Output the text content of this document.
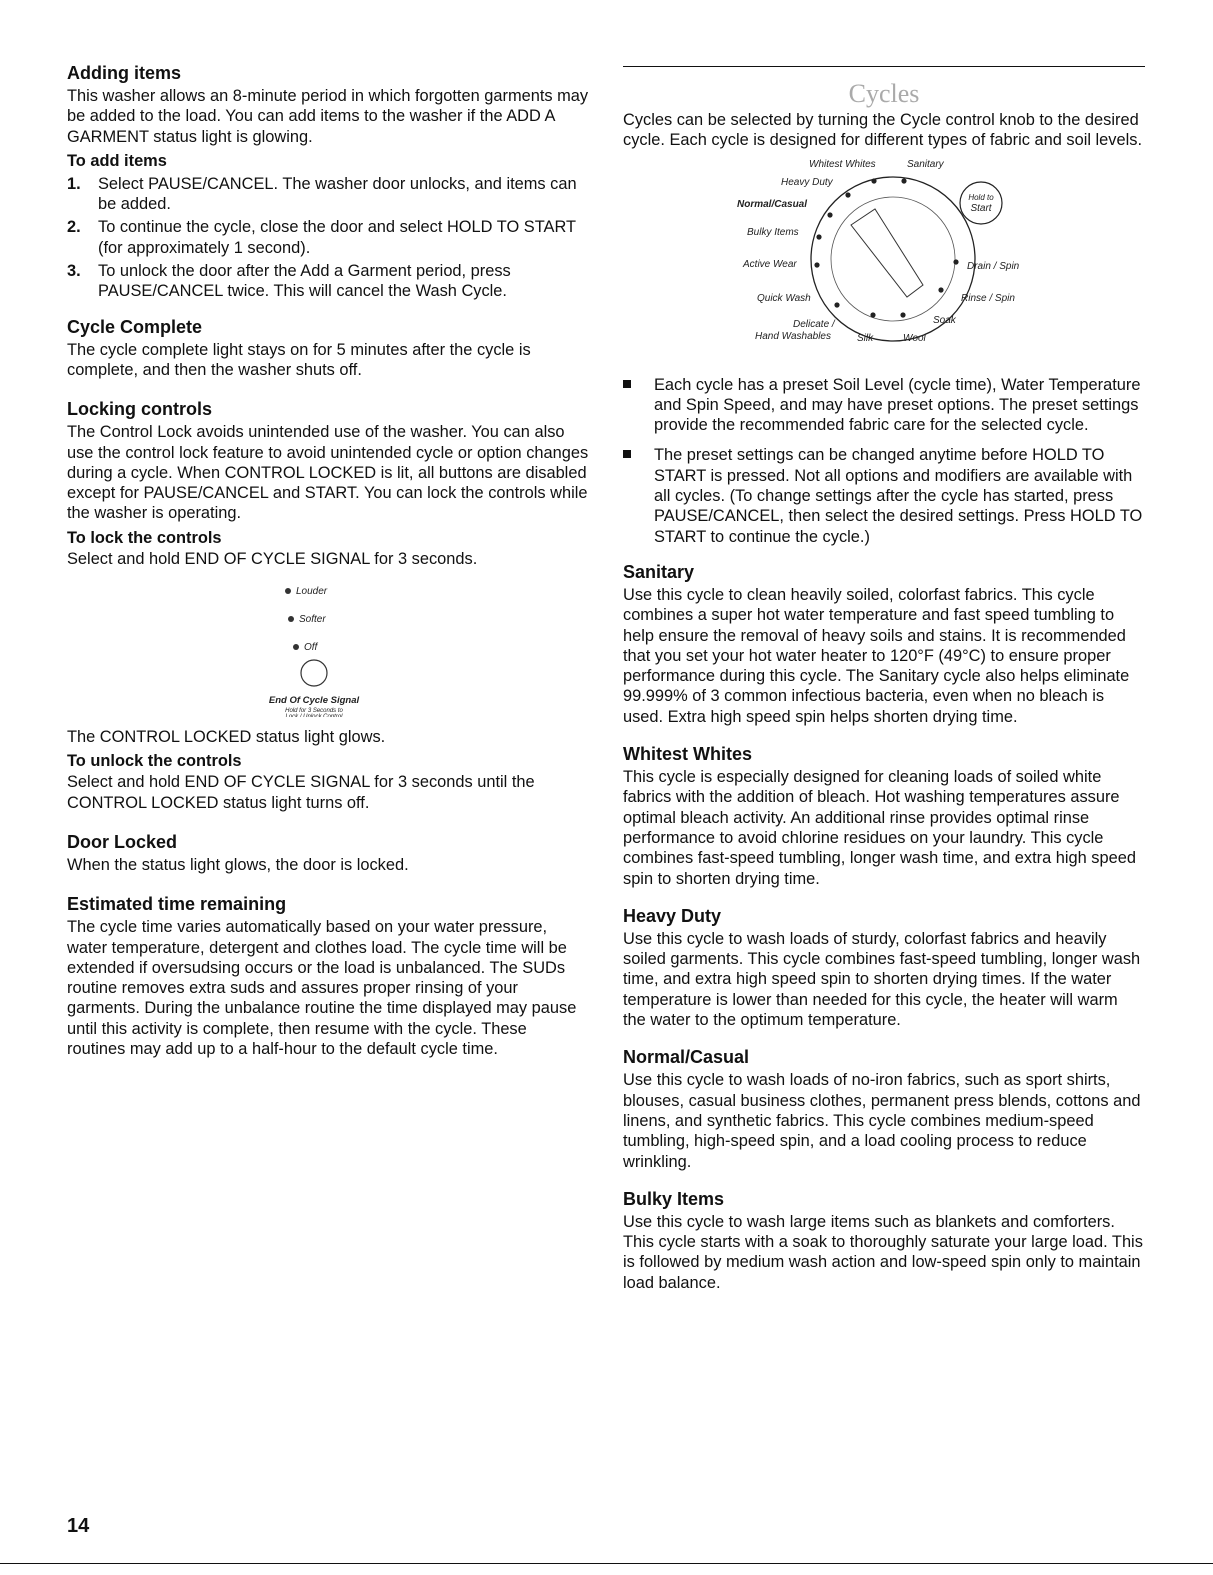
Adding items

This washer allows an 8-minute period in which forgotten garments may be added to the load. You can add items to the washer if the ADD A GARMENT status light is glowing.

To add items
1. Select PAUSE/CANCEL. The washer door unlocks, and items can be added.
2. To continue the cycle, close the door and select HOLD TO START (for approximately 1 second).
3. To unlock the door after the Add a Garment period, press PAUSE/CANCEL twice. This will cancel the Wash Cycle.
Cycle Complete

The cycle complete light stays on for 5 minutes after the cycle is complete, and then the washer shuts off.

Locking controls

The Control Lock avoids unintended use of the washer. You can also use the control lock feature to avoid unintended cycle or option changes during a cycle. When CONTROL LOCKED is lit, all buttons are disabled except for PAUSE/CANCEL and START. You can lock the controls while the washer is operating.

To lock the controls

Select and hold END OF CYCLE SIGNAL for 3 seconds.

Louder
Softer
Off
End Of Cycle Signal
Hold for 3 Seconds to
Lock / Unlock Control

The CONTROL LOCKED status light glows.

To unlock the controls

Select and hold END OF CYCLE SIGNAL for 3 seconds until the CONTROL LOCKED status light turns off.

Door Locked

When the status light glows, the door is locked.

Estimated time remaining

The cycle time varies automatically based on your water pressure, water temperature, detergent and clothes load. The cycle time will be extended if oversudsing occurs or the load is unbalanced. The SUDs routine removes extra suds and assures proper rinsing of your garments. During the unbalance routine the time displayed may pause until this activity is complete, then resume with the cycle. These routines may add up to a half-hour to the default cycle time.

Cycles

Cycles can be selected by turning the Cycle control knob to the desired cycle. Each cycle is designed for different types of fabric and soil levels.

Hold to
Start
Whitest Whites	Sanitary
Heavy Duty
Normal/Casual
Bulky Items
Active Wear
Quick Wash
Delicate /
Hand Washables	Silk	Wool
Soak
Rinse / Spin
Drain / Spin
Each cycle has a preset Soil Level (cycle time), Water Temperature and Spin Speed, and may have preset options. The preset settings provide the recommended fabric care for the selected cycle.
The preset settings can be changed anytime before HOLD TO START is pressed. Not all options and modifiers are available with all cycles. (To change settings after the cycle has started, press PAUSE/CANCEL, then select the desired settings. Press HOLD TO START to continue the cycle.)
Sanitary

Use this cycle to clean heavily soiled, colorfast fabrics. This cycle combines a super hot water temperature and fast speed tumbling to help ensure the removal of heavy soils and stains. It is recommended that you set your hot water heater to 120°F (49°C) to ensure proper performance during this cycle. The Sanitary cycle also helps eliminate 99.999% of 3 common infectious bacteria, even when no bleach is used. Extra high speed spin helps shorten drying time.

Whitest Whites

This cycle is especially designed for cleaning loads of soiled white fabrics with the addition of bleach. Hot washing temperatures assure optimal bleach activity. An additional rinse provides optimal rinse performance to avoid chlorine residues on your laundry. This cycle combines fast-speed tumbling, longer wash time, and extra high speed spin to shorten drying time.

Heavy Duty

Use this cycle to wash loads of sturdy, colorfast fabrics and heavily soiled garments. This cycle combines fast-speed tumbling, longer wash time, and extra high speed spin to shorten drying times. If the water temperature is lower than needed for this cycle, the heater will warm the water to the optimum temperature.

Normal/Casual

Use this cycle to wash loads of no-iron fabrics, such as sport shirts, blouses, casual business clothes, permanent press blends, cottons and linens, and synthetic fabrics. This cycle combines medium-speed tumbling, high-speed spin, and a load cooling process to reduce wrinkling.

Bulky Items

Use this cycle to wash large items such as blankets and comforters. This cycle starts with a soak to thoroughly saturate your large load. This is followed by medium wash action and low-speed spin only to maintain load balance.

14
